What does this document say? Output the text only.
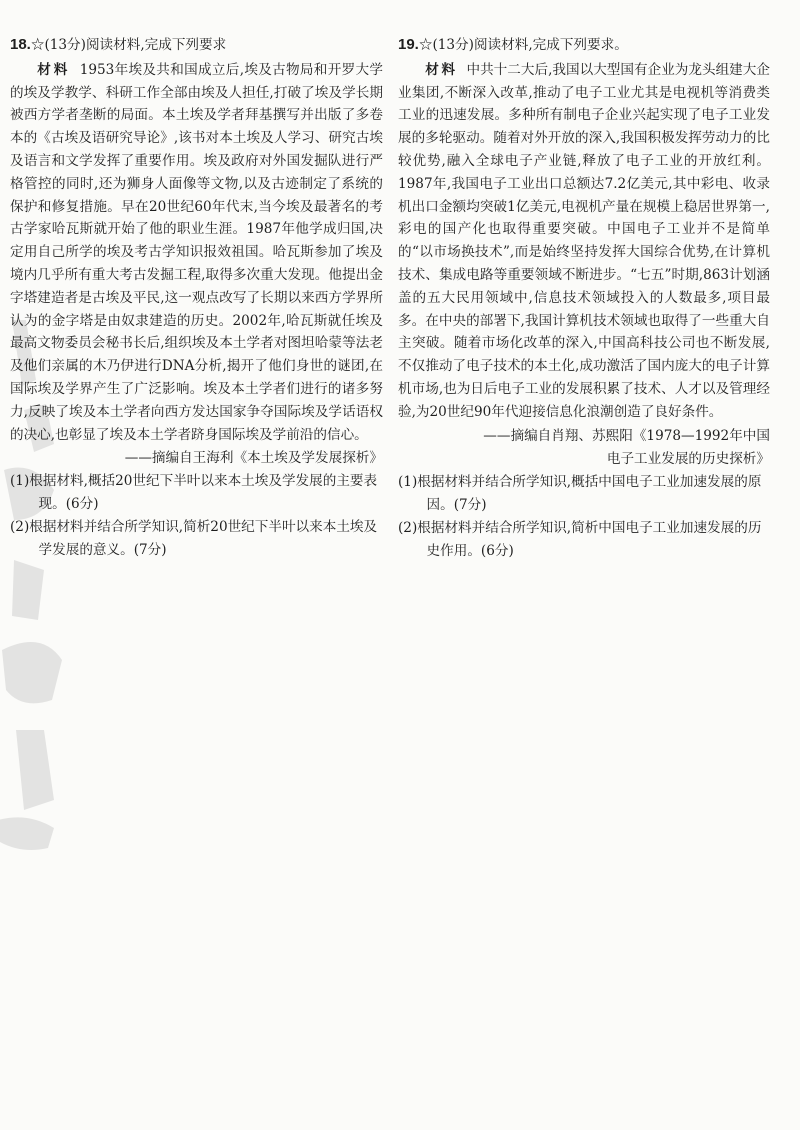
18.☆(13分)阅读材料,完成下列要求

材料 1953年埃及共和国成立后,埃及古物局和开罗大学的埃及学教学、科研工作全部由埃及人担任,打破了埃及学长期被西方学者垄断的局面。本土埃及学者拜基撰写并出版了多卷本的《古埃及语研究导论》,该书对本土埃及人学习、研究古埃及语言和文学发挥了重要作用。埃及政府对外国发掘队进行严格管控的同时,还为狮身人面像等文物,以及古迹制定了系统的保护和修复措施。早在20世纪60年代末,当今埃及最著名的考古学家哈瓦斯就开始了他的职业生涯。1987年他学成归国,决定用自己所学的埃及考古学知识报效祖国。哈瓦斯参加了埃及境内几乎所有重大考古发掘工程,取得多次重大发现。他提出金字塔建造者是古埃及平民,这一观点改写了长期以来西方学界所认为的金字塔是由奴隶建造的历史。2002年,哈瓦斯就任埃及最高文物委员会秘书长后,组织埃及本土学者对图坦哈蒙等法老及他们亲属的木乃伊进行DNA分析,揭开了他们身世的谜团,在国际埃及学界产生了广泛影响。埃及本土学者们进行的诸多努力,反映了埃及本土学者向西方发达国家争夺国际埃及学话语权的决心,也彰显了埃及本土学者跻身国际埃及学前沿的信心。

——摘编自王海利《本土埃及学发展探析》

(1)根据材料,概括20世纪下半叶以来本土埃及学发展的主要表现。(6分)

(2)根据材料并结合所学知识,简析20世纪下半叶以来本土埃及学发展的意义。(7分)

19.☆(13分)阅读材料,完成下列要求。

材料 中共十二大后,我国以大型国有企业为龙头组建大企业集团,不断深入改革,推动了电子工业尤其是电视机等消费类工业的迅速发展。多种所有制电子企业兴起实现了电子工业发展的多轮驱动。随着对外开放的深入,我国积极发挥劳动力的比较优势,融入全球电子产业链,释放了电子工业的开放红利。1987年,我国电子工业出口总额达7.2亿美元,其中彩电、收录机出口金额均突破1亿美元,电视机产量在规模上稳居世界第一,彩电的国产化也取得重要突破。中国电子工业并不是简单的“以市场换技术”,而是始终坚持发挥大国综合优势,在计算机技术、集成电路等重要领域不断进步。“七五”时期,863计划涵盖的五大民用领域中,信息技术领域投入的人数最多,项目最多。在中央的部署下,我国计算机技术领域也取得了一些重大自主突破。随着市场化改革的深入,中国高科技公司也不断发展,不仅推动了电子技术的本土化,成功激活了国内庞大的电子计算机市场,也为日后电子工业的发展积累了技术、人才以及管理经验,为20世纪90年代迎接信息化浪潮创造了良好条件。

——摘编自肖翔、苏熙阳《1978—1992年中国

电子工业发展的历史探析》

(1)根据材料并结合所学知识,概括中国电子工业加速发展的原因。(7分)

(2)根据材料并结合所学知识,简析中国电子工业加速发展的历史作用。(6分)
